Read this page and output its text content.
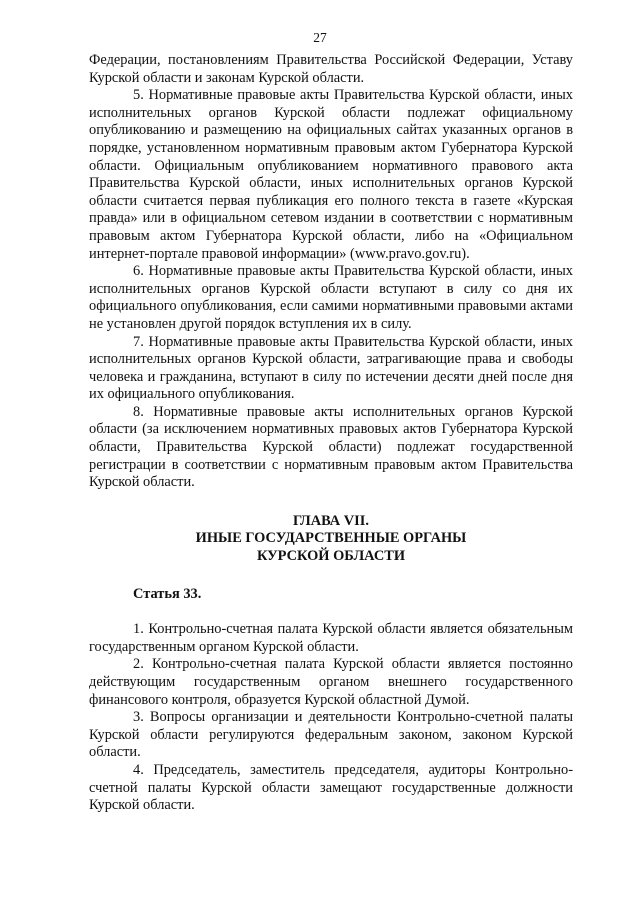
27

Федерации, постановлениям Правительства Российской Федерации, Уставу Курской области и законам Курской области.

5. Нормативные правовые акты Правительства Курской области, иных исполнительных органов Курской области подлежат официальному опубликованию и размещению на официальных сайтах указанных органов в порядке, установленном нормативным правовым актом Губернатора Курской области. Официальным опубликованием нормативного правового акта Правительства Курской области, иных исполнительных органов Курской области считается первая публикация его полного текста в газете «Курская правда» или в официальном сетевом издании в соответствии с нормативным правовым актом Губернатора Курской области, либо на «Официальном интернет-портале правовой информации» (www.pravo.gov.ru).

6. Нормативные правовые акты Правительства Курской области, иных исполнительных органов Курской области вступают в силу со дня их официального опубликования, если самими нормативными правовыми актами не установлен другой порядок вступления их в силу.

7. Нормативные правовые акты Правительства Курской области, иных исполнительных органов Курской области, затрагивающие права и свободы человека и гражданина, вступают в силу по истечении десяти дней после дня их официального опубликования.

8. Нормативные правовые акты исполнительных органов Курской области (за исключением нормативных правовых актов Губернатора Курской области, Правительства Курской области) подлежат государственной регистрации в соответствии с нормативным правовым актом Правительства Курской области.

ГЛАВА VII.
ИНЫЕ ГОСУДАРСТВЕННЫЕ ОРГАНЫ
КУРСКОЙ ОБЛАСТИ

Статья 33.

1. Контрольно-счетная палата Курской области является обязательным государственным органом Курской области.

2. Контрольно-счетная палата Курской области является постоянно действующим государственным органом внешнего государственного финансового контроля, образуется Курской областной Думой.

3. Вопросы организации и деятельности Контрольно-счетной палаты Курской области регулируются федеральным законом, законом Курской области.

4. Председатель, заместитель председателя, аудиторы Контрольно-счетной палаты Курской области замещают государственные должности Курской области.
